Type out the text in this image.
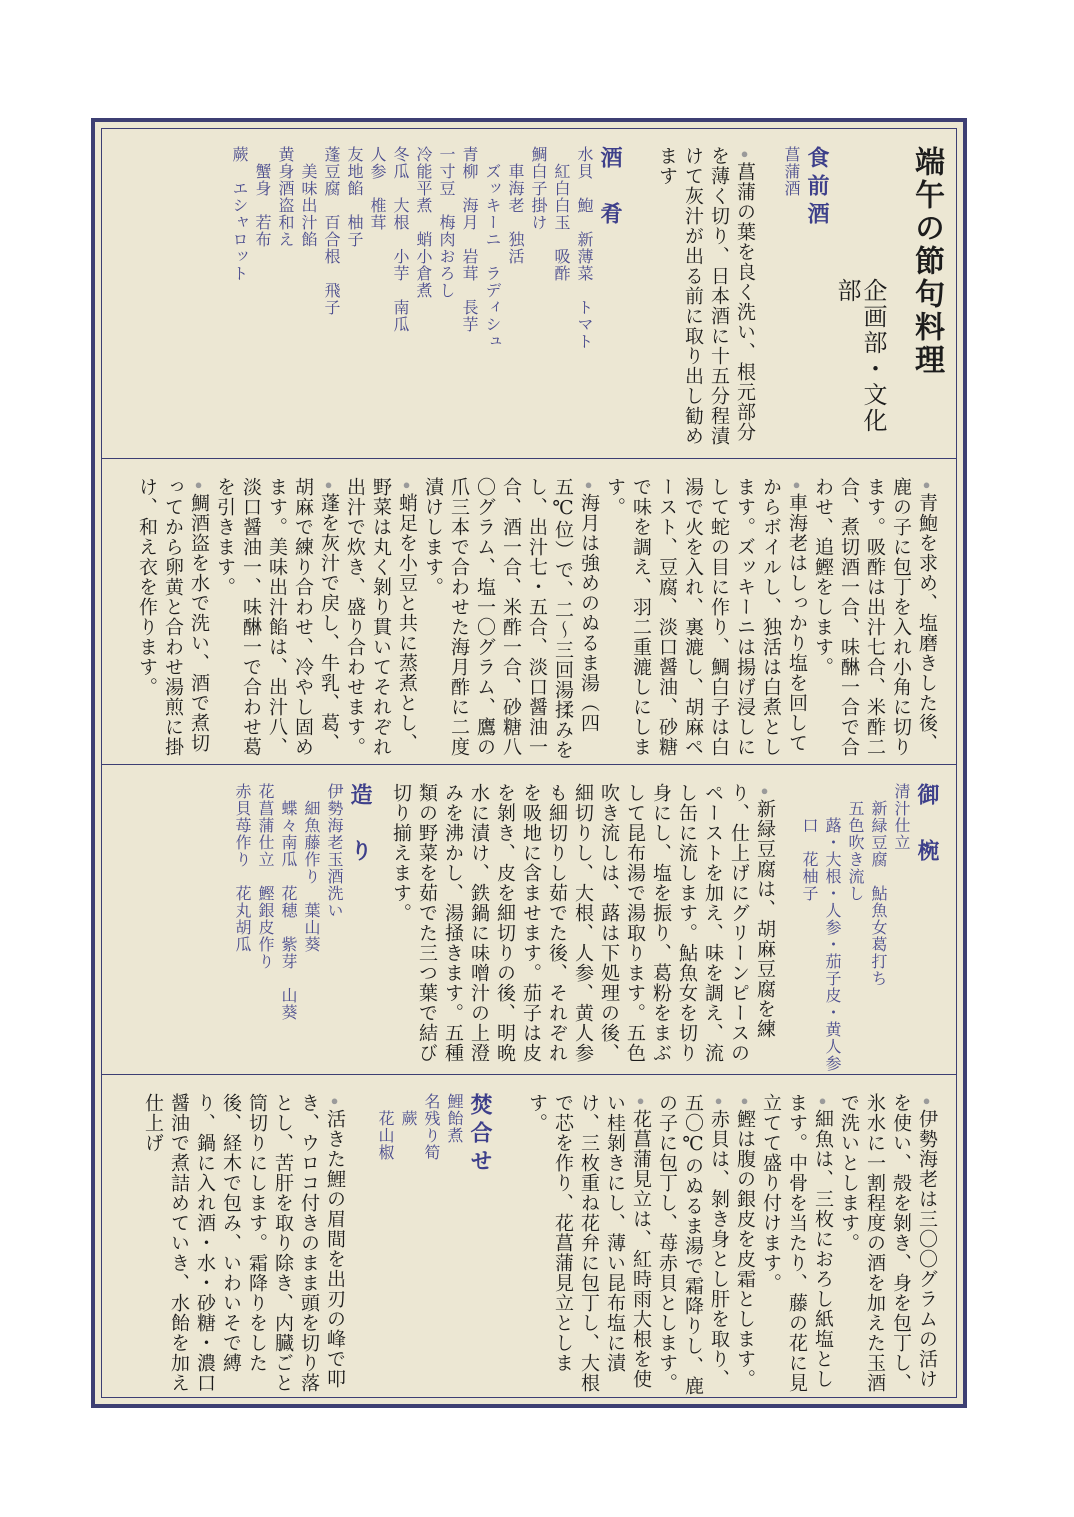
端午の節句料理
企画部・文化部
食前酒
菖蒲酒
● 菖蒲の葉を良く洗い、根元部分を薄く切り、日本酒に十五分程漬けて灰汁が出る前に取り出し勧めます
酒　肴
水貝　鮑　新薄菜　トマト
　紅白白玉　吸酢
鯛白子掛け
　車海老　独活
　ズッキーニ　ラディシュ
青柳　海月　岩茸　長芋
一寸豆　梅肉おろし
冷能平煮　蛸小倉煮
冬瓜　大根　小芋　南瓜
人参　椎茸
友地餡　柚子
蓬豆腐　百合根　飛子
　美味出汁餡
黄身酒盗和え
　蟹身　若布
蕨　エシャロット
● 青鮑を求め、塩磨きした後、鹿の子に包丁を入れ小角に切ります。吸酢は出汁七合、米酢二合、煮切酒一合、味醂一合で合わせ、追鰹をします。
● 車海老はしっかり塩を回してからボイルし、独活は白煮とします。ズッキーニは揚げ浸しにして蛇の目に作り、鯛白子は白湯で火を入れ、裏漉し、胡麻ペースト、豆腐、淡口醤油、砂糖で味を調え、羽二重漉しにします。
● 海月は強めのぬるま湯（四五℃位）で、二〜三回湯揉みをし、出汁七・五合、淡口醤油一合、酒一合、米酢一合、砂糖八〇グラム、塩一〇グラム、鷹の爪三本で合わせた海月酢に二度漬けします。
● 蛸足を小豆と共に蒸煮とし、野菜は丸く剝り貫いてそれぞれ出汁で炊き、盛り合わせます。
● 蓬を灰汁で戻し、牛乳、葛、胡麻で練り合わせ、冷やし固めます。美味出汁餡は、出汁八、淡口醤油一、味醂一で合わせ葛を引きます。
● 鯛酒盗を水で洗い、酒で煮切ってから卵黄と合わせ湯煎に掛け、和え衣を作ります。
御　椀
清汁仕立
　新緑豆腐　鮎魚女葛打ち
　五色吹き流し
　　蕗・大根・人参・茄子皮・黄人参
　　口　花柚子
● 新緑豆腐は、胡麻豆腐を練り、仕上げにグリーンピースのペーストを加え、味を調え、流し缶に流します。鮎魚女を切り身にし、塩を振り、葛粉をまぶして昆布湯で湯取ります。五色吹き流しは、蕗は下処理の後、細切りし、大根、人参、黄人参も細切りし茹でた後、それぞれを吸地に含ませます。茄子は皮を剝き、皮を細切りの後、明晩水に漬け、鉄鍋に味噌汁の上澄みを沸かし、湯掻きます。五種類の野菜を茹でた三つ葉で結び切り揃えます。
造　り
伊勢海老玉酒洗い
　細魚藤作り　葉山葵
　蝶々南瓜　花穂　紫芽　山葵
花菖蒲仕立　鰹銀皮作り
赤貝苺作り　花丸胡瓜
● 伊勢海老は三〇〇グラムの活けを使い、殻を剝き、身を包丁し、氷水に一割程度の酒を加えた玉酒で洗いとします。
● 細魚は、三枚におろし紙塩とします。中骨を当たり、藤の花に見立てて盛り付けます。
● 鰹は腹の銀皮を皮霜とします。
● 赤貝は、剝き身とし肝を取り、五〇℃のぬるま湯で霜降りし、鹿の子に包丁し、苺赤貝とします。
● 花菖蒲見立は、紅時雨大根を使い桂剝きにし、薄い昆布塩に漬け、三枚重ね花弁に包丁し、大根で芯を作り、花菖蒲見立とします。
焚合せ
鯉飴煮
名残り筍
　蕨
　花山椒
● 活きた鯉の眉間を出刃の峰で叩き、ウロコ付きのまま頭を切り落とし、苦肝を取り除き、内臓ごと筒切りにします。霜降りをした後、経木で包み、いわいそで縛り、鍋に入れ酒・水・砂糖・濃口醤油で煮詰めていき、水飴を加え仕上げ
